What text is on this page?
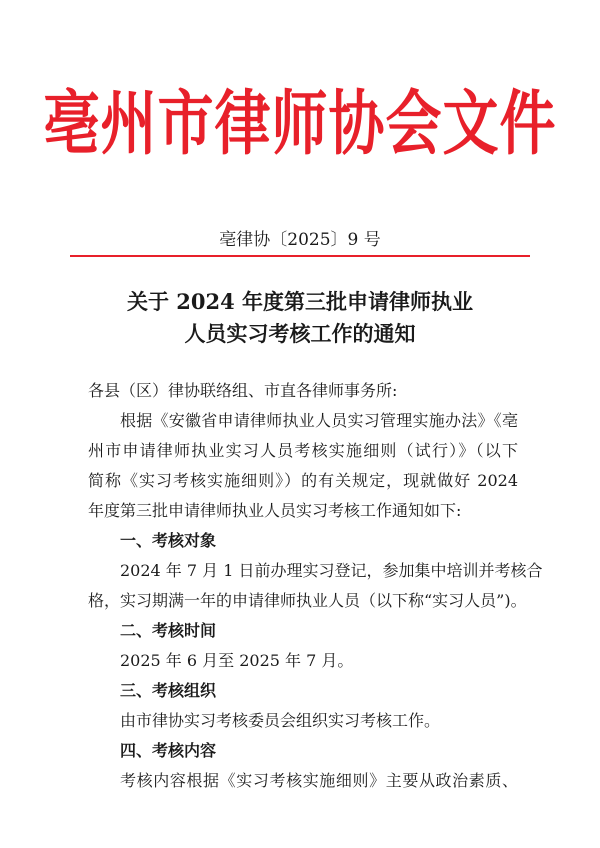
亳州市律师协会文件
亳律协〔2025〕9 号
关于 2024 年度第三批申请律师执业
人员实习考核工作的通知
各县（区）律协联络组、市直各律师事务所:
根据《安徽省申请律师执业人员实习管理实施办法》《亳
州市申请律师执业实习人员考核实施细则（试行）》（以下
简称《实习考核实施细则》）的有关规定，现就做好 2024
年度第三批申请律师执业人员实习考核工作通知如下:
一、考核对象
2024 年 7 月 1 日前办理实习登记，参加集中培训并考核合
格，实习期满一年的申请律师执业人员（以下称“实习人员”)。
二、考核时间
2025 年 6 月至 2025 年 7 月。
三、考核组织
由市律协实习考核委员会组织实习考核工作。
四、考核内容
考核内容根据《实习考核实施细则》主要从政治素质、
